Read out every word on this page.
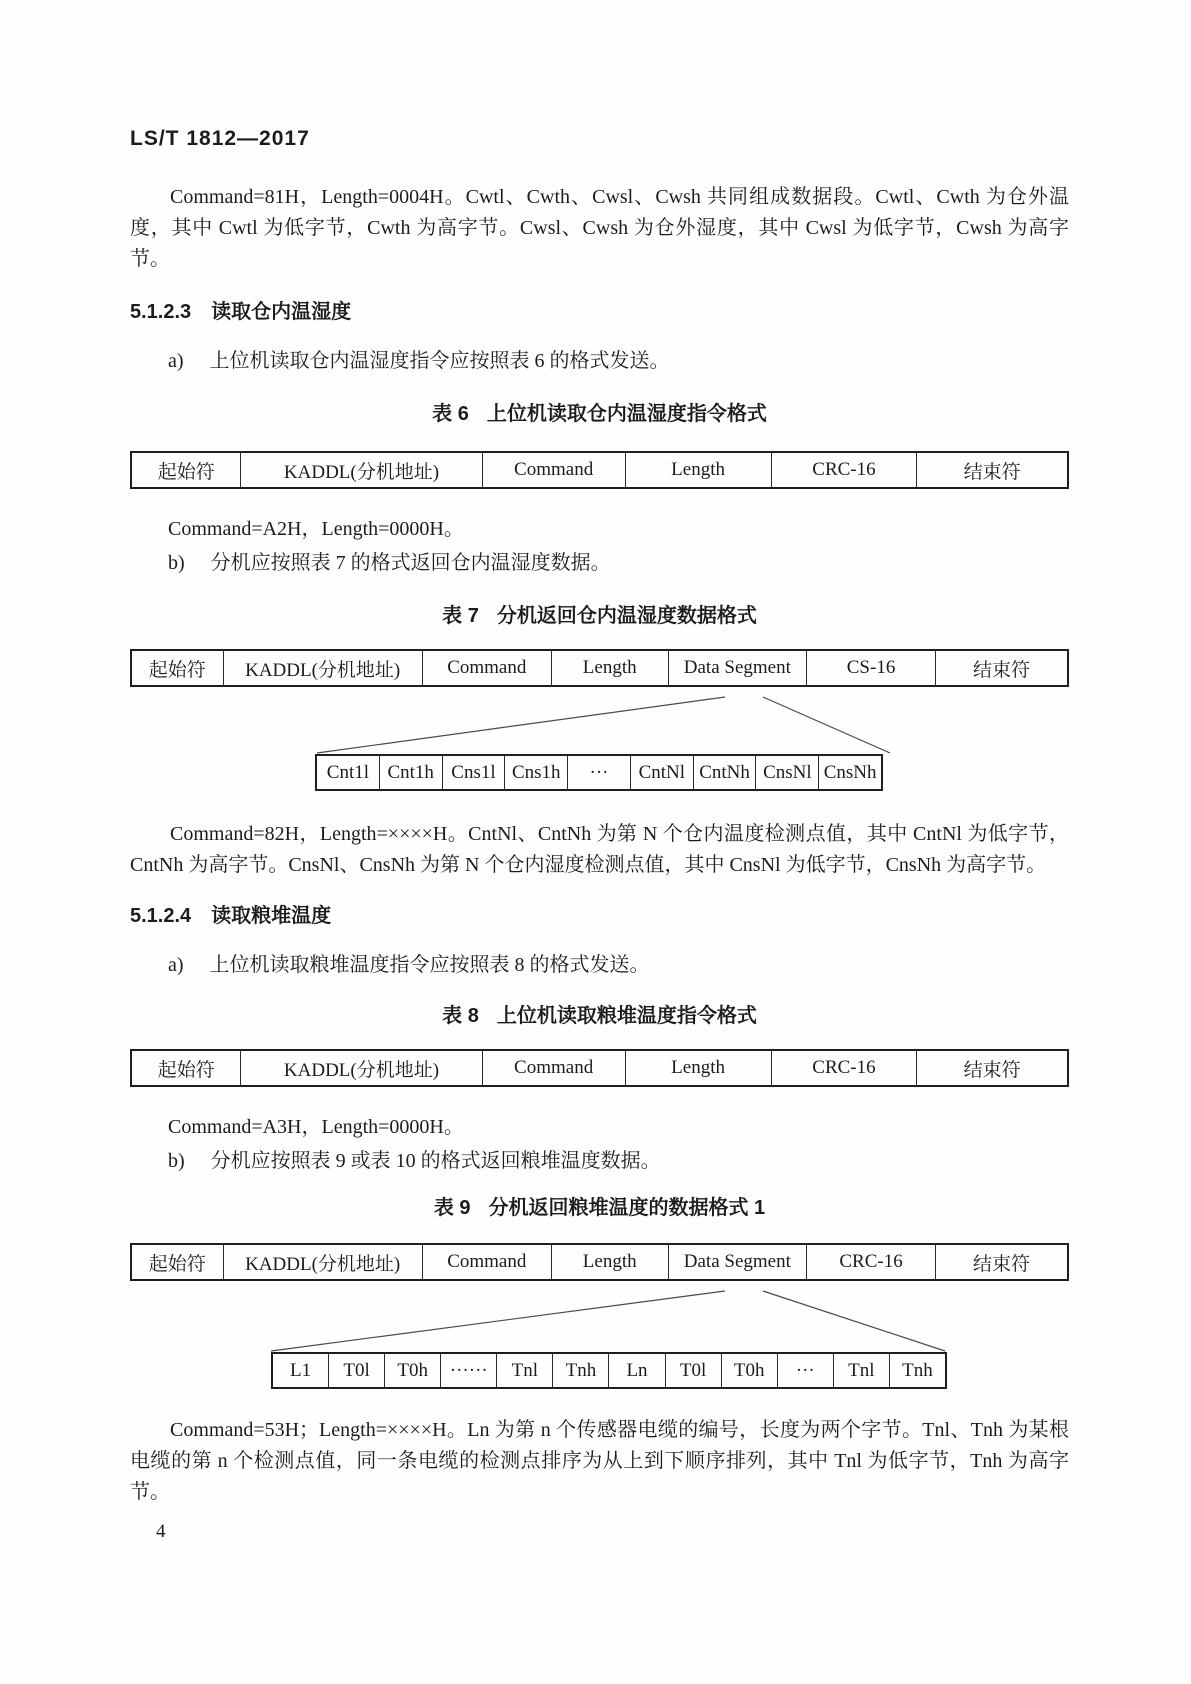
LS/T 1812—2017

Command=81H，Length=0004H。Cwtl、Cwth、Cwsl、Cwsh 共同组成数据段。Cwtl、Cwth 为仓外温度，其中 Cwtl 为低字节，Cwth 为高字节。Cwsl、Cwsh 为仓外湿度，其中 Cwsl 为低字节，Cwsh 为高字节。

5.1.2.3 读取仓内温湿度
a) 上位机读取仓内温湿度指令应按照表 6 的格式发送。
表 6 上位机读取仓内温湿度指令格式
起始符	KADDL(分机地址)	Command	Length	CRC-16	结束符

Command=A2H，Length=0000H。

b) 分机应按照表 7 的格式返回仓内温湿度数据。
表 7 分机返回仓内温湿度数据格式
起始符	KADDL(分机地址)	Command	Length	Data Segment	CS-16	结束符
Cnt1l Cnt1h Cns1l Cns1h	···	CntNl CntNh CnsNl CnsNh

Command=82H，Length=××××H。CntNl、CntNh 为第 N 个仓内温度检测点值，其中 CntNl 为低字节，CntNh 为高字节。CnsNl、CnsNh 为第 N 个仓内湿度检测点值，其中 CnsNl 为低字节，CnsNh 为高字节。

5.1.2.4 读取粮堆温度
a) 上位机读取粮堆温度指令应按照表 8 的格式发送。
表 8 上位机读取粮堆温度指令格式
起始符	KADDL(分机地址)	Command	Length	CRC-16	结束符

Command=A3H，Length=0000H。

b) 分机应按照表 9 或表 10 的格式返回粮堆温度数据。
表 9 分机返回粮堆温度的数据格式 1
起始符	KADDL(分机地址)	Command	Length	Data Segment	CRC-16	结束符
L1	T0l	T0h	······	Tnl	Tnh	Ln	T0l	T0h	···	Tnl	Tnh

Command=53H；Length=××××H。Ln 为第 n 个传感器电缆的编号，长度为两个字节。Tnl、Tnh 为某根电缆的第 n 个检测点值，同一条电缆的检测点排序为从上到下顺序排列，其中 Tnl 为低字节，Tnh 为高字节。

4
